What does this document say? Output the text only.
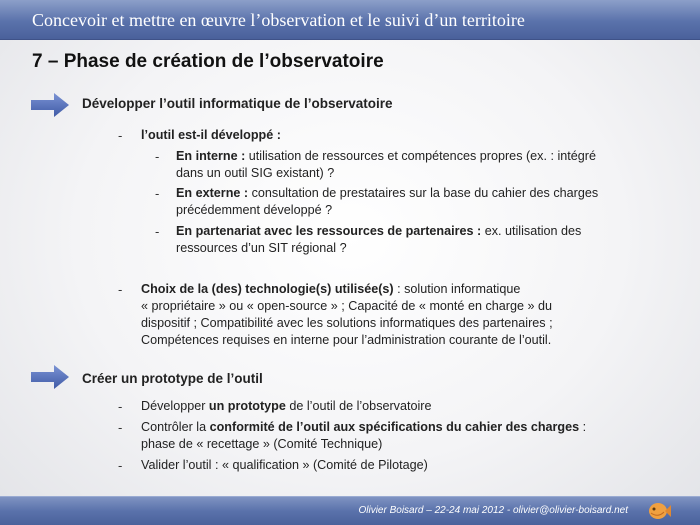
Concevoir et mettre en œuvre l’observation et le suivi d’un territoire
7 – Phase de création de l’observatoire
Développer l’outil informatique de l’observatoire
- l’outil est-il développé :
- En interne : utilisation de ressources et compétences propres (ex. : intégré
dans un outil SIG existant) ?
- En externe : consultation de prestataires sur la base du cahier des charges
précédemment développé ?
- En partenariat avec les ressources de partenaires : ex. utilisation des
ressources d’un SIT régional ?
- Choix de la (des) technologie(s) utilisée(s) : solution informatique
« propriétaire » ou « open-source » ; Capacité de « monté en charge » du
dispositif ; Compatibilité avec les solutions informatiques des partenaires ;
Compétences requises en interne pour l’administration courante de l’outil.
Créer un prototype de l’outil
- Développer un prototype de l’outil de l’observatoire
- Contrôler la conformité de l’outil aux spécifications du cahier des charges :
phase de « recettage » (Comité Technique)
- Valider l’outil : « qualification » (Comité de Pilotage)
Olivier Boisard – 22-24 mai 2012 - olivier@olivier-boisard.net
